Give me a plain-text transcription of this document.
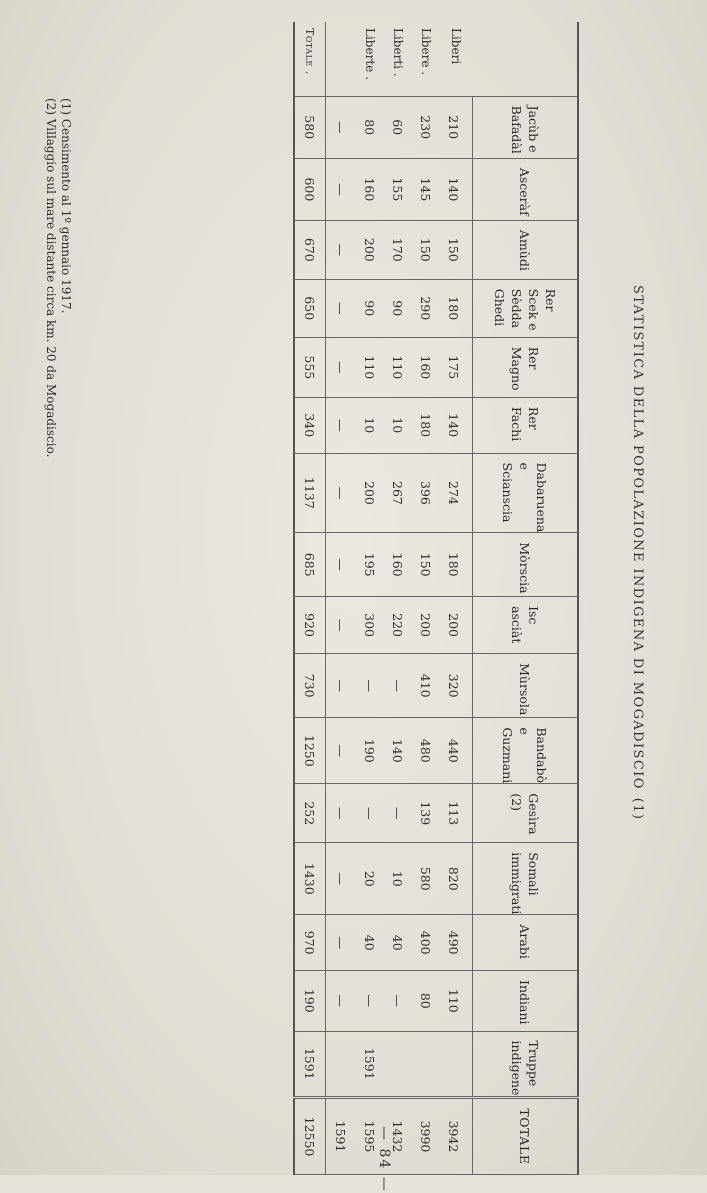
STATISTICA DELLA POPOLAZIONE INDIGENA DI MOGADISCIO(1)
	Jacùb e Bafadàl	Asceràf	Amùdi	Rer Scek e Sèdda Ghedi	Rer Magno	Rer Fachi	Dabaruena e Scianscia	Mòrscia	Isc asciàt	Mùrsola	Bandabò e Guzmani	Gesìra (2)	Somali immigrati	Arabi	Indiani	Truppe indigene	TOTALE
Liberi	210	140	150	180	175	140	274	180	200	320	440	113	820	490	110		3942
Libere .	230	145	150	290	160	180	396	150	200	410	480	139	580	400	80		3990
Liberti .	60	155	170	90	110	10	267	160	220	—	140	—	10	40	—		1432
Liberte .	80	160	200	90	110	10	200	195	300	—	190	—	20	40	—	1591	1595
	—	—	—	—	—	—	—	—	—	—	—	—	—	—	—		1591
Totale .	580	600	670	650	555	340	1137	685	920	730	1250	252	1430	970	190	1591	12550
(1) Censimento al 1º gennaio 1917.
(2) Villaggio sul mare distante circa km. 20 da Mogadiscio.
— 84 —
